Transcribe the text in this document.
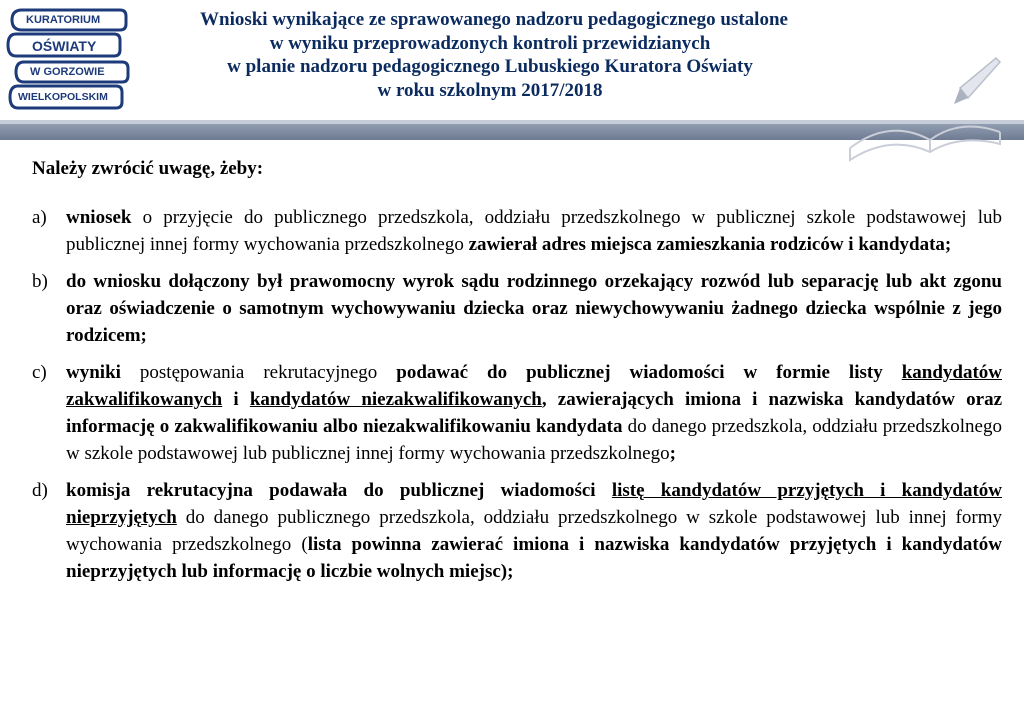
KURATORIUM
OŚWIATY
W GORZOWIE
WIELKOPOLSKIM
Wnioski wynikające ze sprawowanego nadzoru pedagogicznego ustalone
w wyniku przeprowadzonych kontroli przewidzianych
w planie nadzoru pedagogicznego Lubuskiego Kuratora Oświaty
w roku szkolnym 2017/2018
Należy zwrócić uwagę, żeby:
a) wniosek o przyjęcie do publicznego przedszkola, oddziału przedszkolnego w publicznej szkole podstawowej lub publicznej innej formy wychowania przedszkolnego zawierał adres miejsca zamieszkania rodziców i kandydata;
b) do wniosku dołączony był prawomocny wyrok sądu rodzinnego orzekający rozwód lub separację lub akt zgonu oraz oświadczenie o samotnym wychowywaniu dziecka oraz niewychowywaniu żadnego dziecka wspólnie z jego rodzicem;
c) wyniki postępowania rekrutacyjnego podawać do publicznej wiadomości w formie listy kandydatów zakwalifikowanych i kandydatów niezakwalifikowanych, zawierających imiona i nazwiska kandydatów oraz informację o zakwalifikowaniu albo niezakwalifikowaniu kandydata do danego przedszkola, oddziału przedszkolnego w szkole podstawowej lub publicznej innej formy wychowania przedszkolnego;
d) komisja rekrutacyjna podawała do publicznej wiadomości listę kandydatów przyjętych i kandydatów nieprzyjętych do danego publicznego przedszkola, oddziału przedszkolnego w szkole podstawowej lub innej formy wychowania przedszkolnego (lista powinna zawierać imiona i nazwiska kandydatów przyjętych i kandydatów nieprzyjętych lub informację o liczbie wolnych miejsc);
